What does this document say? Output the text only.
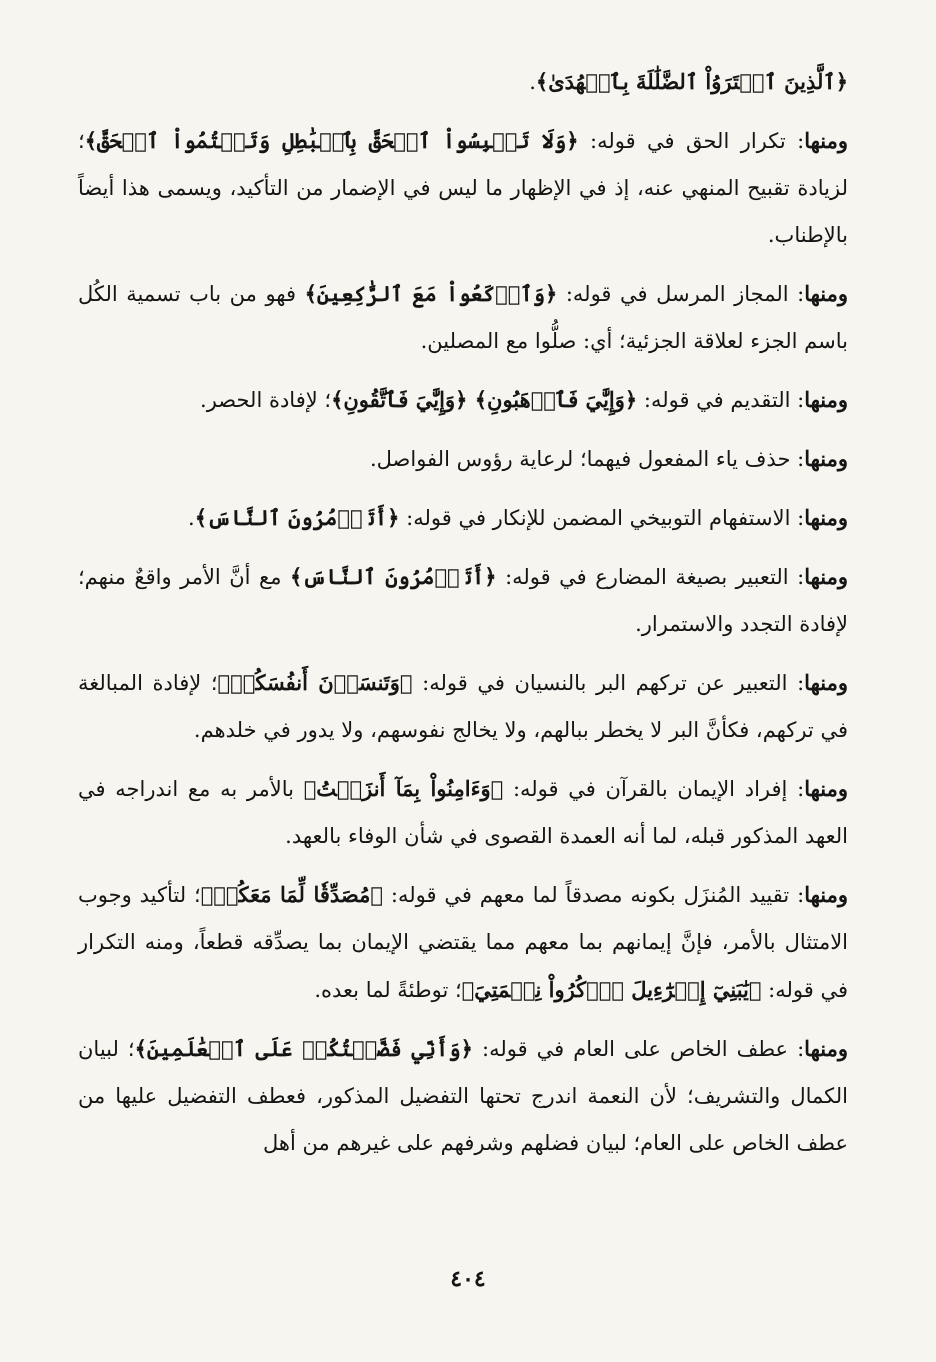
﴿ٱلَّذِينَ ٱشۡتَرَوُاْ ٱلضَّلَٰلَةَ بِٱلۡهُدَىٰ﴾.

ومنها: تكرار الحق في قوله: ﴿وَلَا تَلۡبِسُواْ ٱلۡحَقَّ بِٱلۡبَٰطِلِ وَتَكۡتُمُواْ ٱلۡحَقَّ﴾؛ لزيادة تقبيح المنهي عنه، إذ في الإظهار ما ليس في الإضمار من التأكيد، ويسمى هذا أيضاً بالإطناب.

ومنها: المجاز المرسل في قوله: ﴿وَٱرۡكَعُواْ مَعَ ٱلرَّٰكِعِينَ﴾ فهو من باب تسمية الكُل باسم الجزء لعلاقة الجزئية؛ أي: صلُّوا مع المصلين.

ومنها: التقديم في قوله: ﴿وَإِيَّٰيَ فَٱرۡهَبُونِ﴾ ﴿وَإِيَّٰيَ فَٱتَّقُونِ﴾؛ لإفادة الحصر.

ومنها: حذف ياء المفعول فيهما؛ لرعاية رؤوس الفواصل.

ومنها: الاستفهام التوبيخي المضمن للإنكار في قوله: ﴿أَتَأۡمُرُونَ ٱلنَّاسَ﴾.

ومنها: التعبير بصيغة المضارع في قوله: ﴿أَتَأۡمُرُونَ ٱلنَّاسَ﴾ مع أنَّ الأمر واقعٌ منهم؛ لإفادة التجدد والاستمرار.

ومنها: التعبير عن تركهم البر بالنسيان في قوله: ﴿وَتَنسَوۡنَ أَنفُسَكُمۡ﴾؛ لإفادة المبالغة في تركهم، فكأنَّ البر لا يخطر ببالهم، ولا يخالج نفوسهم، ولا يدور في خلدهم.

ومنها: إفراد الإيمان بالقرآن في قوله: ﴿وَءَامِنُواْ بِمَآ أَنزَلۡتُ﴾ بالأمر به مع اندراجه في العهد المذكور قبله، لما أنه العمدة القصوى في شأن الوفاء بالعهد.

ومنها: تقييد المُنزَل بكونه مصدقاً لما معهم في قوله: ﴿مُصَدِّقٗا لِّمَا مَعَكُمۡ﴾؛ لتأكيد وجوب الامتثال بالأمر، فإنَّ إيمانهم بما معهم مما يقتضي الإيمان بما يصدِّقه قطعاً، ومنه التكرار في قوله: ﴿يَٰبَنِيٓ إِسۡرَٰٓءِيلَ ٱذۡكُرُواْ نِعۡمَتِيَ﴾؛ توطئةً لما بعده.

ومنها: عطف الخاص على العام في قوله: ﴿وَأَنِّي فَضَّلۡتُكُمۡ عَلَى ٱلۡعَٰلَمِينَ﴾؛ لبيان الكمال والتشريف؛ لأن النعمة اندرج تحتها التفضيل المذكور، فعطف التفضيل عليها من عطف الخاص على العام؛ لبيان فضلهم وشرفهم على غيرهم من أهل

٤٠٤
